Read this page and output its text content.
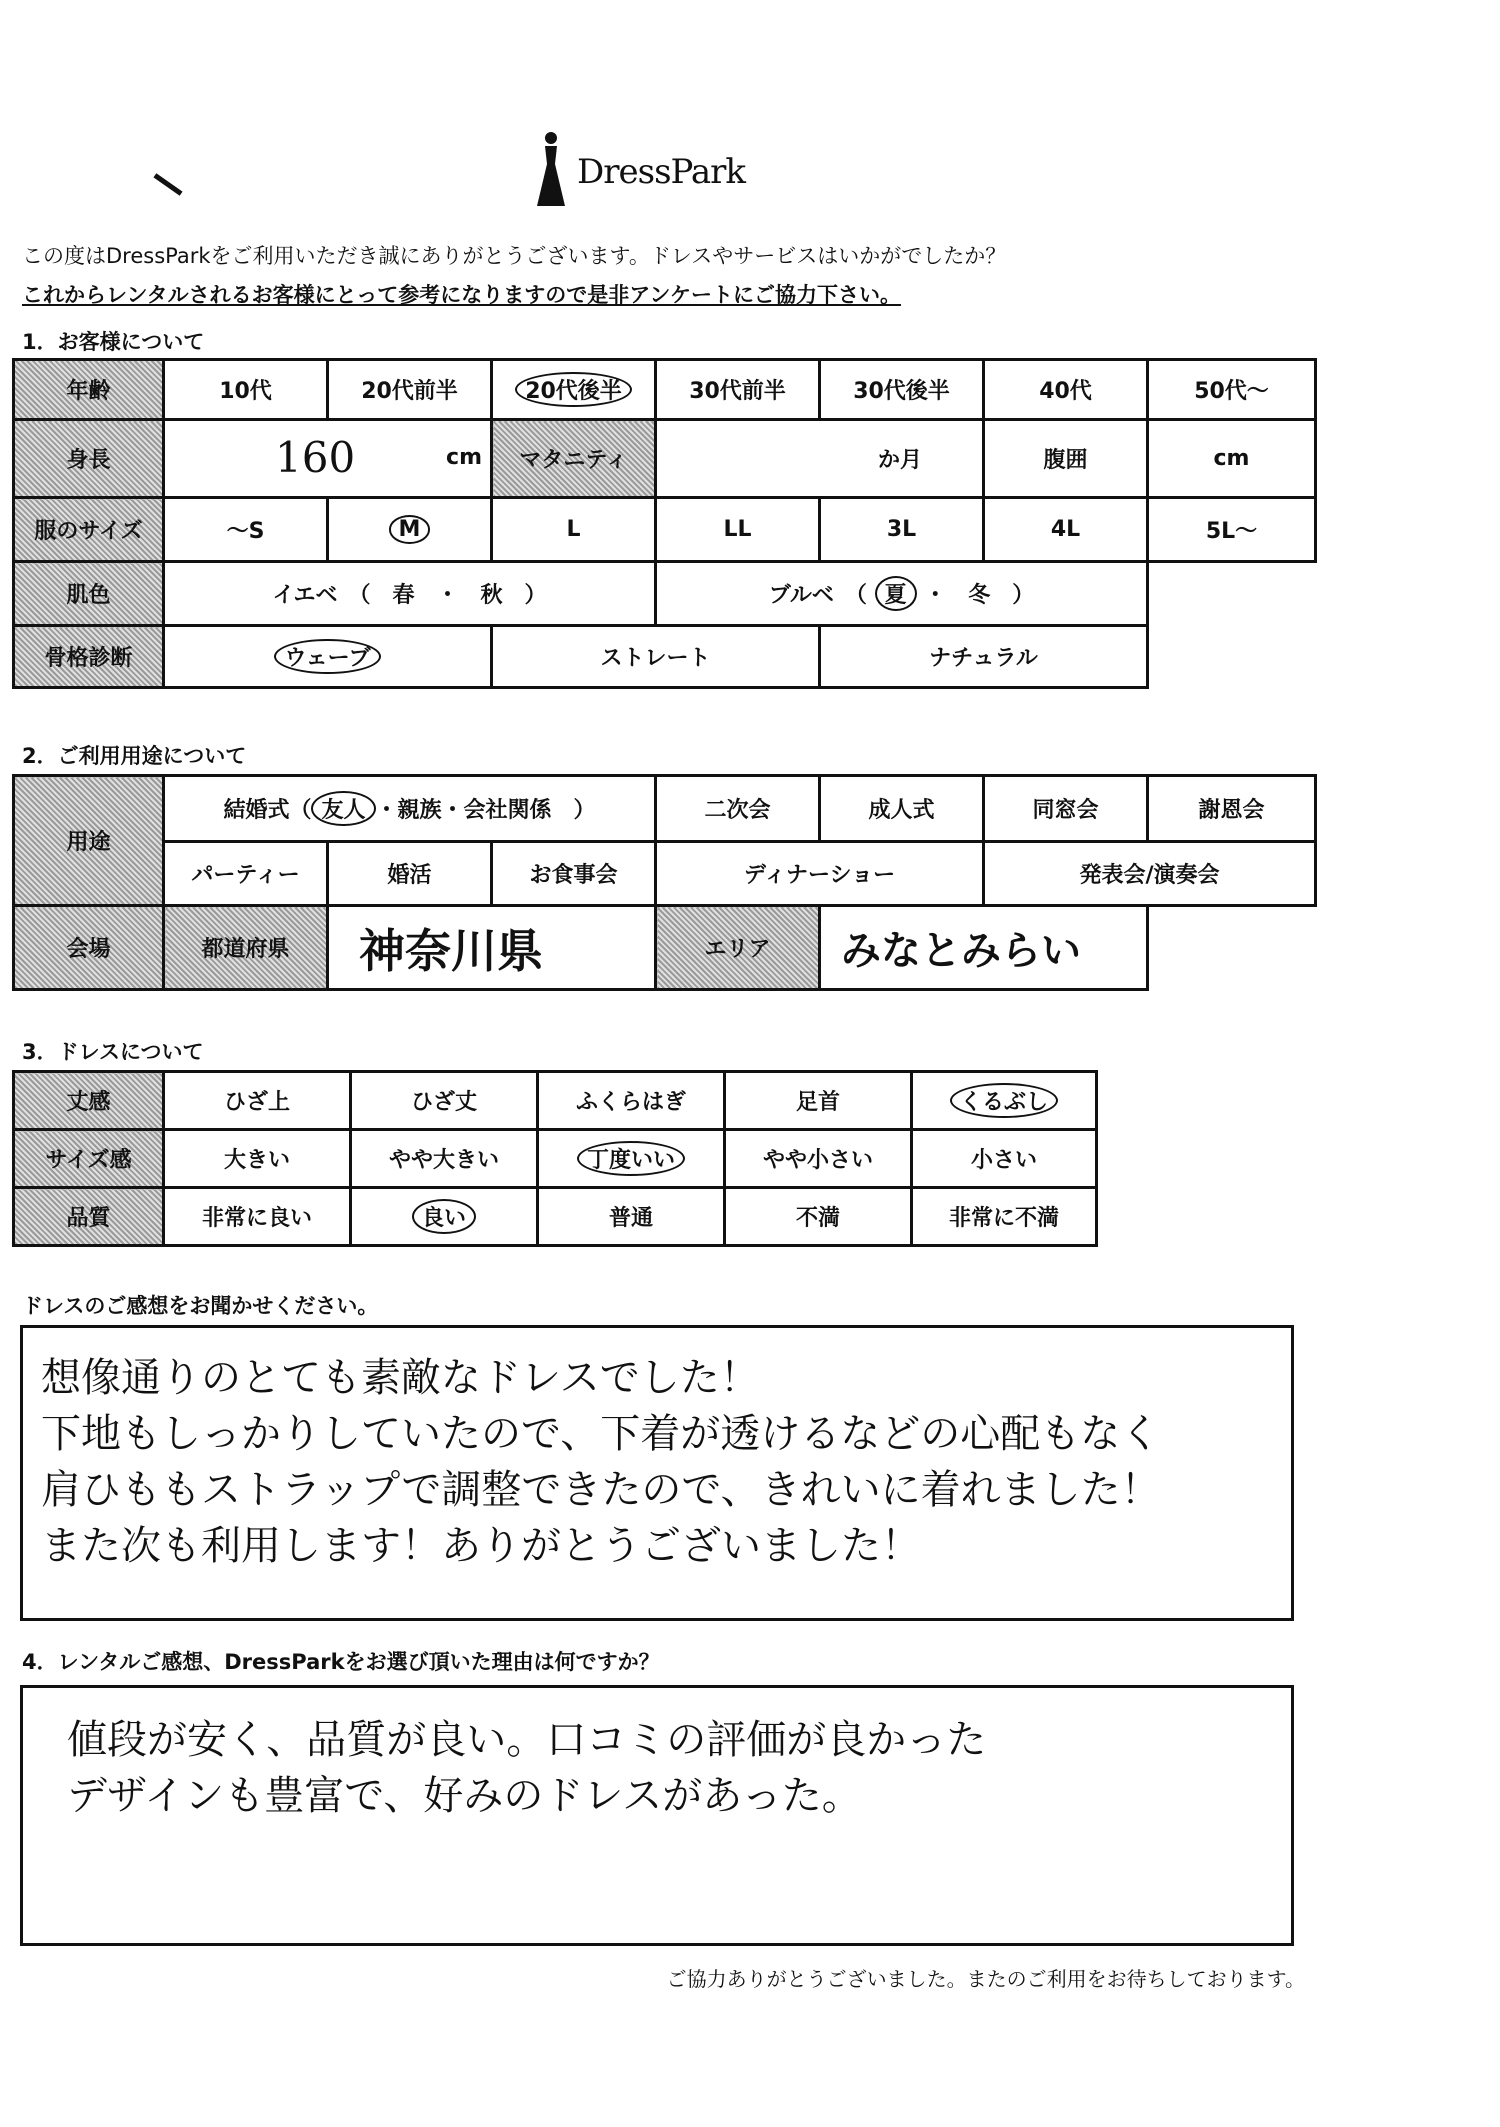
DressPark
この度はDressParkをご利用いただき誠にありがとうございます。ドレスやサービスはいかがでしたか？
これからレンタルされるお客様にとって参考になりますので是非アンケートにご協力下さい。
1．お客様について
年齢	10代	20代前半	20代後半	30代前半	30代後半	40代	50代～
身長	160 cm		マタニティ	か月		腹囲	cm
服のサイズ	～S	M	L	LL	3L	4L	5L～
肌色	イエベ　（　春　・　秋　）			ブルベ　（ 夏 ・　冬　）			
骨格診断	ウェーブ		ストレート		ナチュラル		
2．ご利用用途について
用途	結婚式（ 友人 ・親族・会社関係　）			二次会	成人式	同窓会	謝恩会
	パーティー	婚活	お食事会	ディナーショー		発表会/演奏会	
会場	都道府県	神奈川県		エリア	みなとみらい		
3．ドレスについて
丈感	ひざ上	ひざ丈	ふくらはぎ	足首	くるぶし
サイズ感	大きい	やや大きい	丁度いい	やや小さい	小さい
品質	非常に良い	良い	普通	不満	非常に不満
ドレスのご感想をお聞かせください。
想像通りのとても素敵なドレスでした！
下地もしっかりしていたので、下着が透けるなどの心配もなく
肩ひももストラップで調整できたので、きれいに着れました！
また次も利用します！ありがとうございました！
4．レンタルご感想、DressParkをお選び頂いた理由は何ですか？
値段が安く、品質が良い。口コミの評価が良かった
デザインも豊富で、好みのドレスがあった。
ご協力ありがとうございました。またのご利用をお待ちしております。
